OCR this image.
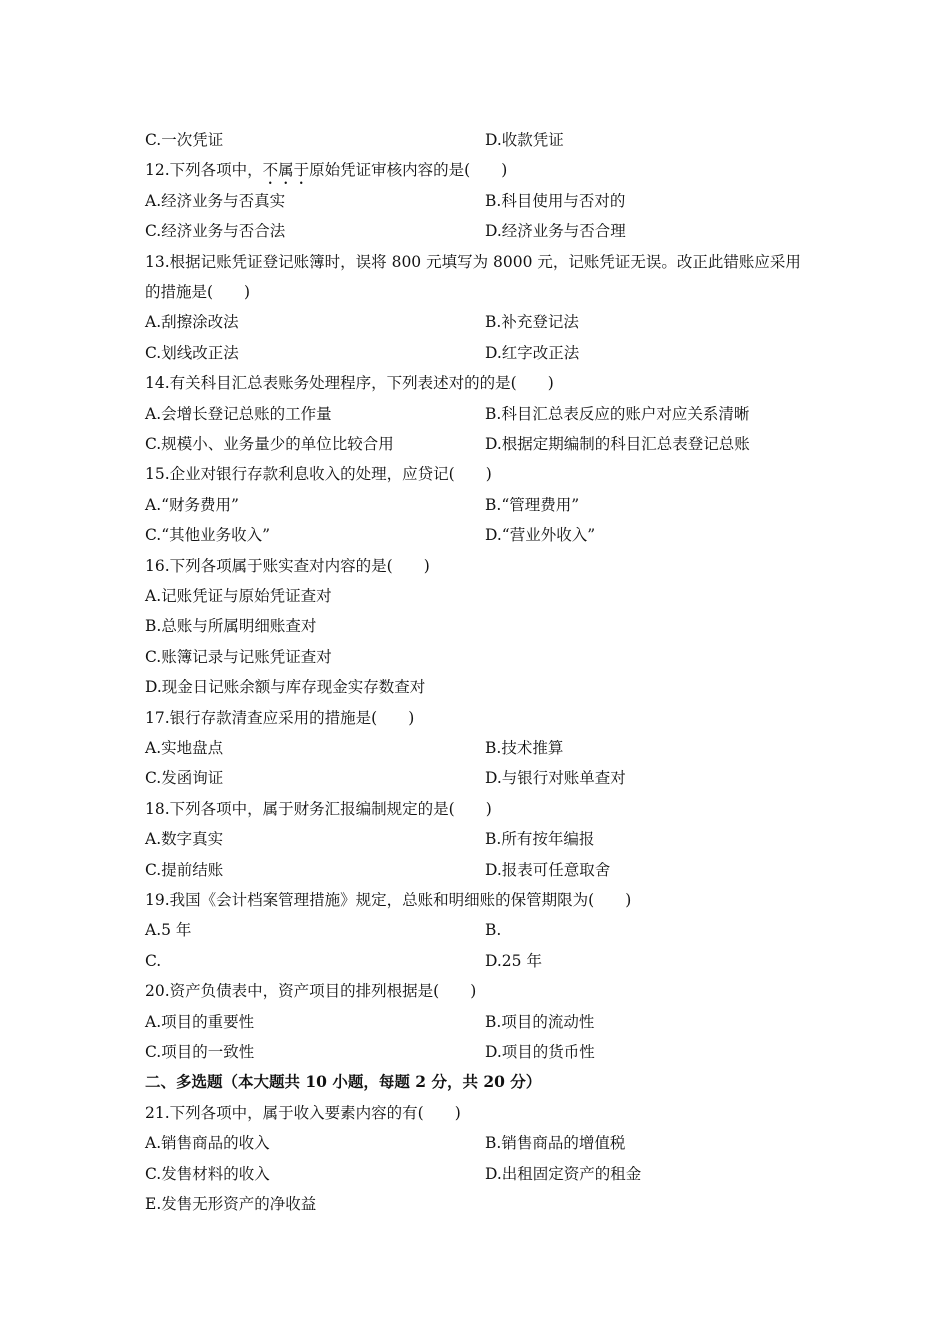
C.一次凭证	D.收款凭证
12.下列各项中，不属于原始凭证审核内容的是(　　)
A.经济业务与否真实	B.科目使用与否对的
C.经济业务与否合法	D.经济业务与否合理
13.根据记账凭证登记账簿时，误将 800 元填写为 8000 元，记账凭证无误。改正此错账应采用
的措施是(　　)
A.刮擦涂改法	B.补充登记法
C.划线改正法	D.红字改正法
14.有关科目汇总表账务处理程序，下列表述对的的是(　　)
A.会增长登记总账的工作量	B.科目汇总表反应的账户对应关系清晰
C.规模小、业务量少的单位比较合用	D.根据定期编制的科目汇总表登记总账
15.企业对银行存款利息收入的处理，应贷记(　　)
A.“财务费用”	B.“管理费用”
C.“其他业务收入”	D.“营业外收入”
16.下列各项属于账实查对内容的是(　　)
A.记账凭证与原始凭证查对
B.总账与所属明细账查对
C.账簿记录与记账凭证查对
D.现金日记账余额与库存现金实存数查对
17.银行存款清查应采用的措施是(　　)
A.实地盘点	B.技术推算
C.发函询证	D.与银行对账单查对
18.下列各项中，属于财务汇报编制规定的是(　　)
A.数字真实	B.所有按年编报
C.提前结账	D.报表可任意取舍
19.我国《会计档案管理措施》规定，总账和明细账的保管期限为(　　)
A.5 年	B.
C.	D.25 年
20.资产负债表中，资产项目的排列根据是(　　)
A.项目的重要性	B.项目的流动性
C.项目的一致性	D.项目的货币性
二、多选题（本大题共 10 小题，每题 2 分，共 20 分）
21.下列各项中，属于收入要素内容的有(　　)
A.销售商品的收入	B.销售商品的增值税
C.发售材料的收入	D.出租固定资产的租金
E.发售无形资产的净收益
